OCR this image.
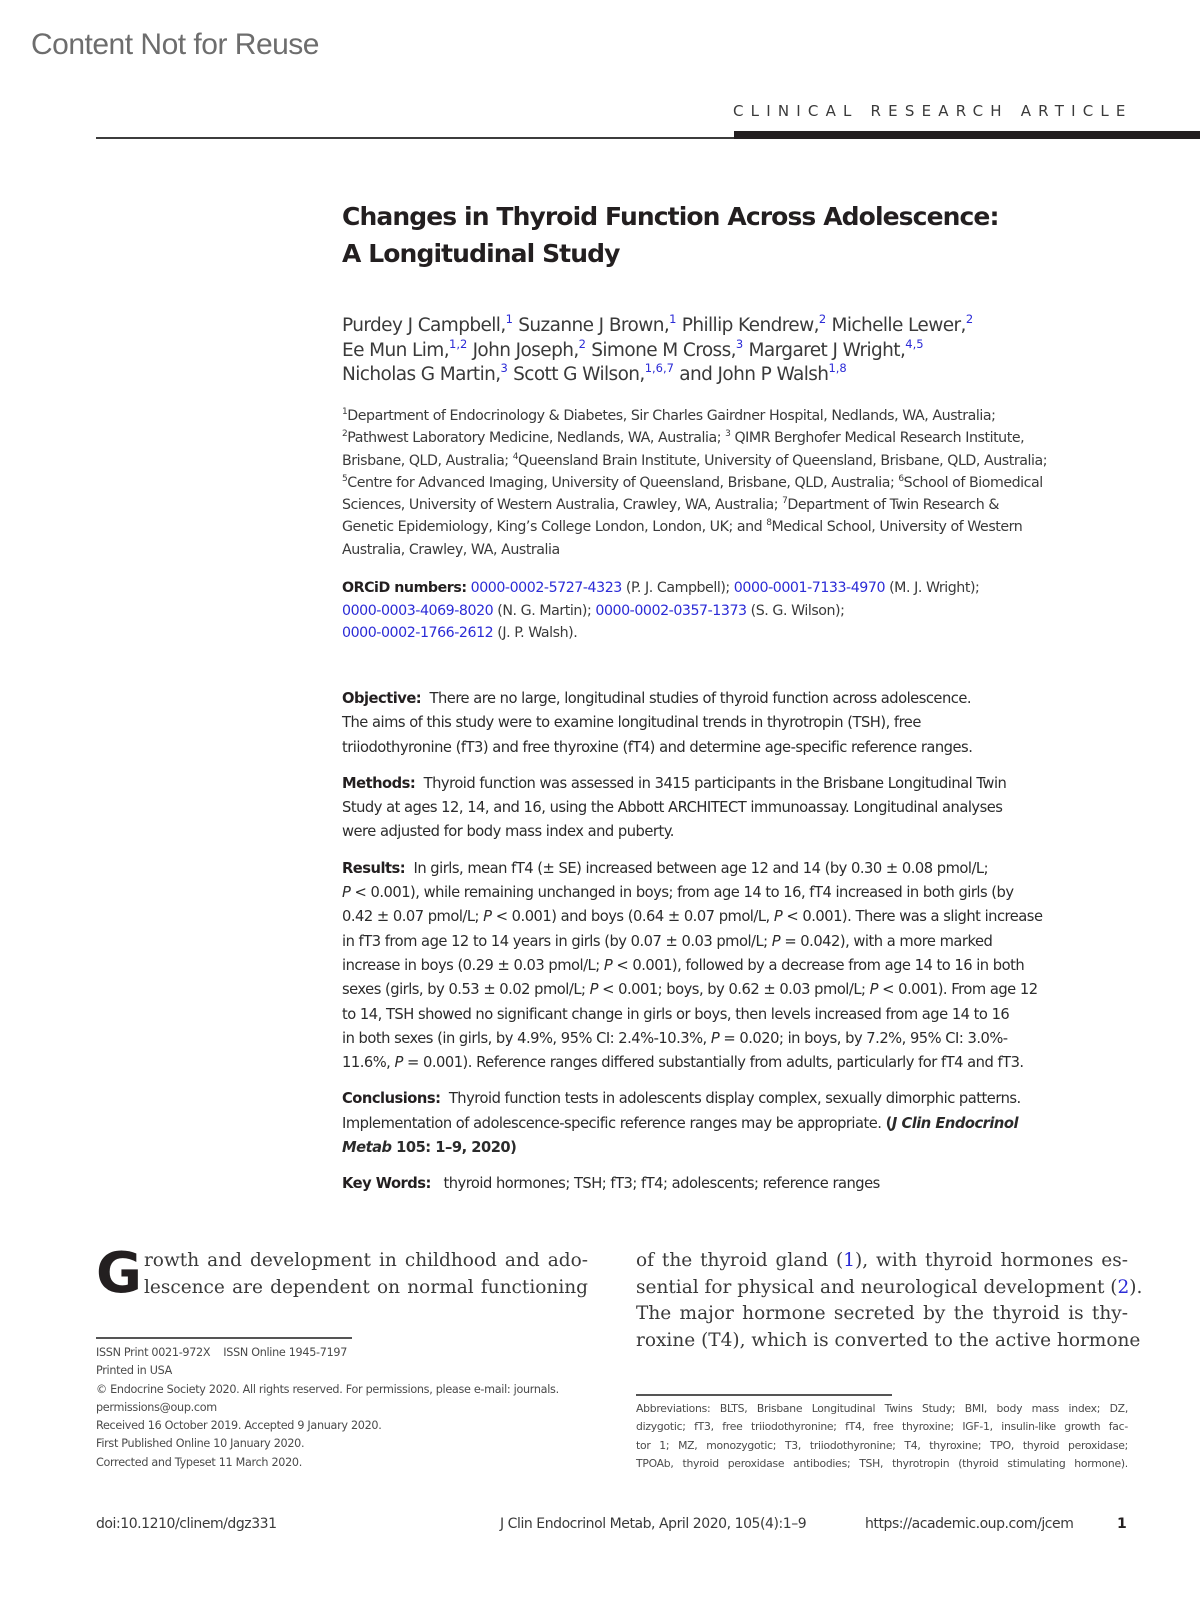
Content Not for Reuse
CLINICAL RESEARCH ARTICLE
Changes in Thyroid Function Across Adolescence:
A Longitudinal Study
Purdey J Campbell,$^1$ Suzanne J Brown,$^1$ Phillip Kendrew,$^2$ Michelle Lewer,$^2$
Ee Mun Lim,$^{1,2}$ John Joseph,$^2$ Simone M Cross,$^3$ Margaret J Wright,$^{4,5}$
Nicholas G Martin,$^3$ Scott G Wilson,$^{1,6,7}$ and John P Walsh$^{1,8}$
$^1$Department of Endocrinology & Diabetes, Sir Charles Gairdner Hospital, Nedlands, WA, Australia;
$^2$Pathwest Laboratory Medicine, Nedlands, WA, Australia; $^3$ QIMR Berghofer Medical Research Institute,
Brisbane, QLD, Australia; $^4$Queensland Brain Institute, University of Queensland, Brisbane, QLD, Australia;
$^5$Centre for Advanced Imaging, University of Queensland, Brisbane, QLD, Australia; $^6$School of Biomedical
Sciences, University of Western Australia, Crawley, WA, Australia; $^7$Department of Twin Research &
Genetic Epidemiology, King’s College London, London, UK; and $^8$Medical School, University of Western
Australia, Crawley, WA, Australia
ORCiD numbers: 0000-0002-5727-4323 (P. J. Campbell); 0000-0001-7133-4970 (M. J. Wright);
0000-0003-4069-8020 (N. G. Martin); 0000-0002-0357-1373 (S. G. Wilson);
0000-0002-1766-2612 (J. P. Walsh).
Objective: There are no large, longitudinal studies of thyroid function across adolescence.
The aims of this study were to examine longitudinal trends in thyrotropin (TSH), free
triiodothyronine (fT3) and free thyroxine (fT4) and determine age-specific reference ranges.
Methods: Thyroid function was assessed in 3415 participants in the Brisbane Longitudinal Twin
Study at ages 12, 14, and 16, using the Abbott ARCHITECT immunoassay. Longitudinal analyses
were adjusted for body mass index and puberty.
Results: In girls, mean fT4 (± SE) increased between age 12 and 14 (by 0.30 ± 0.08 pmol/L;
P < 0.001), while remaining unchanged in boys; from age 14 to 16, fT4 increased in both girls (by
0.42 ± 0.07 pmol/L; P < 0.001) and boys (0.64 ± 0.07 pmol/L, P < 0.001). There was a slight increase
in fT3 from age 12 to 14 years in girls (by 0.07 ± 0.03 pmol/L; P = 0.042), with a more marked
increase in boys (0.29 ± 0.03 pmol/L; P < 0.001), followed by a decrease from age 14 to 16 in both
sexes (girls, by 0.53 ± 0.02 pmol/L; P < 0.001; boys, by 0.62 ± 0.03 pmol/L; P < 0.001). From age 12
to 14, TSH showed no significant change in girls or boys, then levels increased from age 14 to 16
in both sexes (in girls, by 4.9%, 95% CI: 2.4%-10.3%, P = 0.020; in boys, by 7.2%, 95% CI: 3.0%-
11.6%, P = 0.001). Reference ranges differed substantially from adults, particularly for fT4 and fT3.
Conclusions: Thyroid function tests in adolescents display complex, sexually dimorphic patterns.
Implementation of adolescence-specific reference ranges may be appropriate. (J Clin Endocrinol
Metab 105: 1–9, 2020)
Key Words: thyroid hormones; TSH; fT3; fT4; adolescents; reference ranges
G rowth and development in childhood and ado-
lescence are dependent on normal functioning
of the thyroid gland (1), with thyroid hormones es-
sential for physical and neurological development (2).
The major hormone secreted by the thyroid is thy-
roxine (T4), which is converted to the active hormone
ISSN Print 0021-972X    ISSN Online 1945-7197
Printed in USA
© Endocrine Society 2020. All rights reserved. For permissions, please e-mail: journals.
permissions@oup.com
Received 16 October 2019. Accepted 9 January 2020.
First Published Online 10 January 2020.
Corrected and Typeset 11 March 2020.
Abbreviations: BLTS, Brisbane Longitudinal Twins Study; BMI, body mass index; DZ,
dizygotic; fT3, free triiodothyronine; fT4, free thyroxine; IGF-1, insulin-like growth fac-
tor 1; MZ, monozygotic; T3, triiodothyronine; T4, thyroxine; TPO, thyroid peroxidase;
TPOAb, thyroid peroxidase antibodies; TSH, thyrotropin (thyroid stimulating hormone).
doi:10.1210/clinem/dgz331	J Clin Endocrinol Metab, April 2020, 105(4):1–9	https://academic.oup.com/jcem	1
